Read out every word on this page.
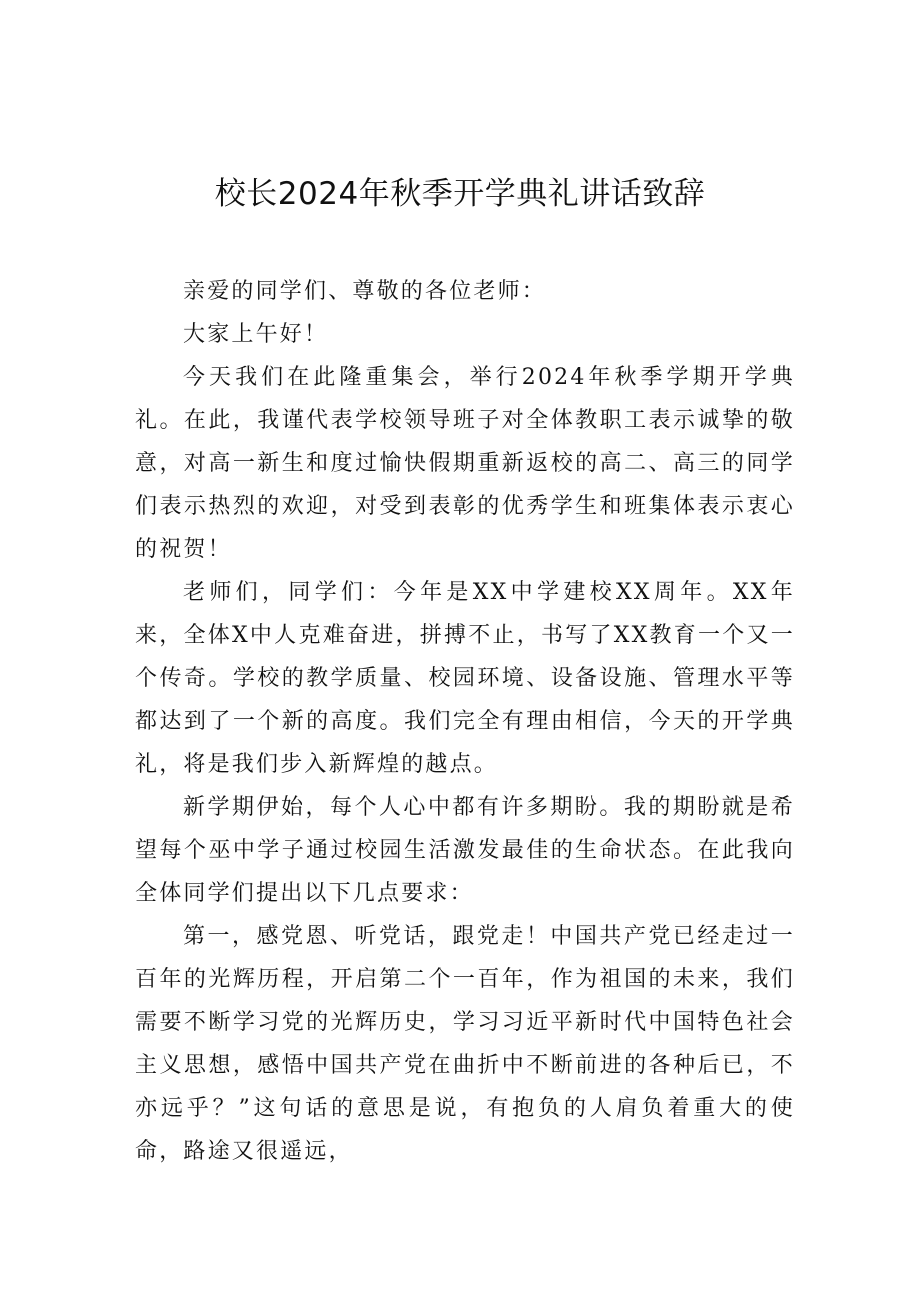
校长2024年秋季开学典礼讲话致辞

亲爱的同学们、尊敬的各位老师：

大家上午好！

今天我们在此隆重集会，举行2024年秋季学期开学典礼。在此，我谨代表学校领导班子对全体教职工表示诚挚的敬意，对高一新生和度过愉快假期重新返校的高二、高三的同学们表示热烈的欢迎，对受到表彰的优秀学生和班集体表示衷心的祝贺！

老师们，同学们：今年是XX中学建校XX周年。XX年来，全体X中人克难奋进，拼搏不止，书写了XX教育一个又一个传奇。学校的教学质量、校园环境、设备设施、管理水平等都达到了一个新的高度。我们完全有理由相信，今天的开学典礼，将是我们步入新辉煌的越点。

新学期伊始，每个人心中都有许多期盼。我的期盼就是希望每个巫中学子通过校园生活激发最佳的生命状态。在此我向全体同学们提出以下几点要求：

第一，感党恩、听党话，跟党走！中国共产党已经走过一百年的光辉历程，开启第二个一百年，作为祖国的未来，我们需要不断学习党的光辉历史，学习习近平新时代中国特色社会主义思想，感悟中国共产党在曲折中不断前进的各种后已，不亦远乎？”这句话的意思是说，有抱负的人肩负着重大的使命，路途又很遥远，
